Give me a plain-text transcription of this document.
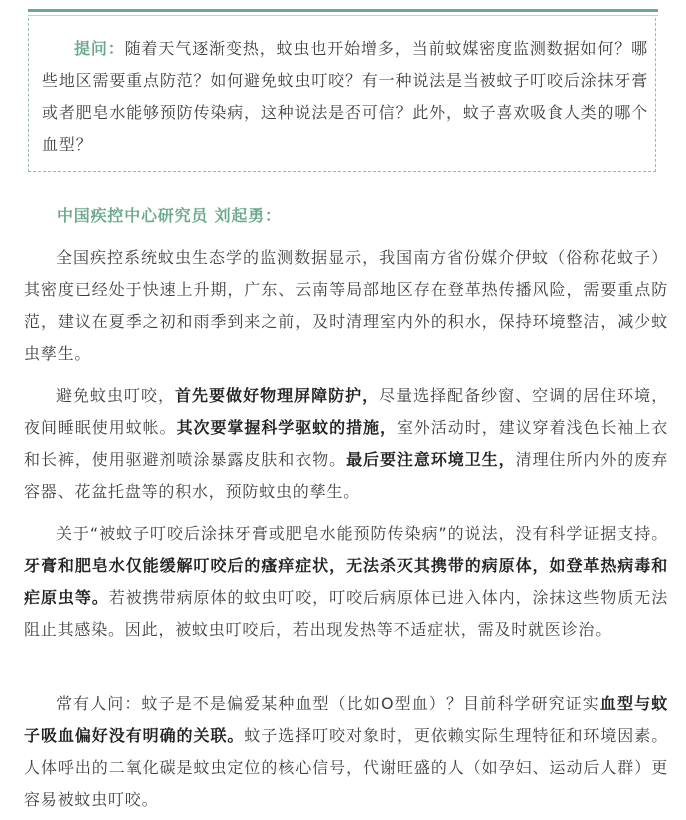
提问：随着天气逐渐变热，蚊虫也开始增多，当前蚊媒密度监测数据如何？哪些地区需要重点防范？如何避免蚊虫叮咬？有一种说法是当被蚊子叮咬后涂抹牙膏或者肥皂水能够预防传染病，这种说法是否可信？此外，蚊子喜欢吸食人类的哪个血型？

中国疾控中心研究员 刘起勇：

全国疾控系统蚊虫生态学的监测数据显示，我国南方省份媒介伊蚊（俗称花蚊子）其密度已经处于快速上升期，广东、云南等局部地区存在登革热传播风险，需要重点防范，建议在夏季之初和雨季到来之前，及时清理室内外的积水，保持环境整洁，减少蚊虫孳生。

避免蚊虫叮咬，首先要做好物理屏障防护，尽量选择配备纱窗、空调的居住环境，夜间睡眠使用蚊帐。其次要掌握科学驱蚊的措施，室外活动时，建议穿着浅色长袖上衣和长裤，使用驱避剂喷涂暴露皮肤和衣物。最后要注意环境卫生，清理住所内外的废弃容器、花盆托盘等的积水，预防蚊虫的孳生。

关于“被蚊子叮咬后涂抹牙膏或肥皂水能预防传染病”的说法，没有科学证据支持。牙膏和肥皂水仅能缓解叮咬后的瘙痒症状，无法杀灭其携带的病原体，如登革热病毒和疟原虫等。若被携带病原体的蚊虫叮咬，叮咬后病原体已进入体内，涂抹这些物质无法阻止其感染。因此，被蚊虫叮咬后，若出现发热等不适症状，需及时就医诊治。

常有人问：蚊子是不是偏爱某种血型（比如O型血）？目前科学研究证实血型与蚊子吸血偏好没有明确的关联。蚊子选择叮咬对象时，更依赖实际生理特征和环境因素。人体呼出的二氧化碳是蚊虫定位的核心信号，代谢旺盛的人（如孕妇、运动后人群）更容易被蚊虫叮咬。
